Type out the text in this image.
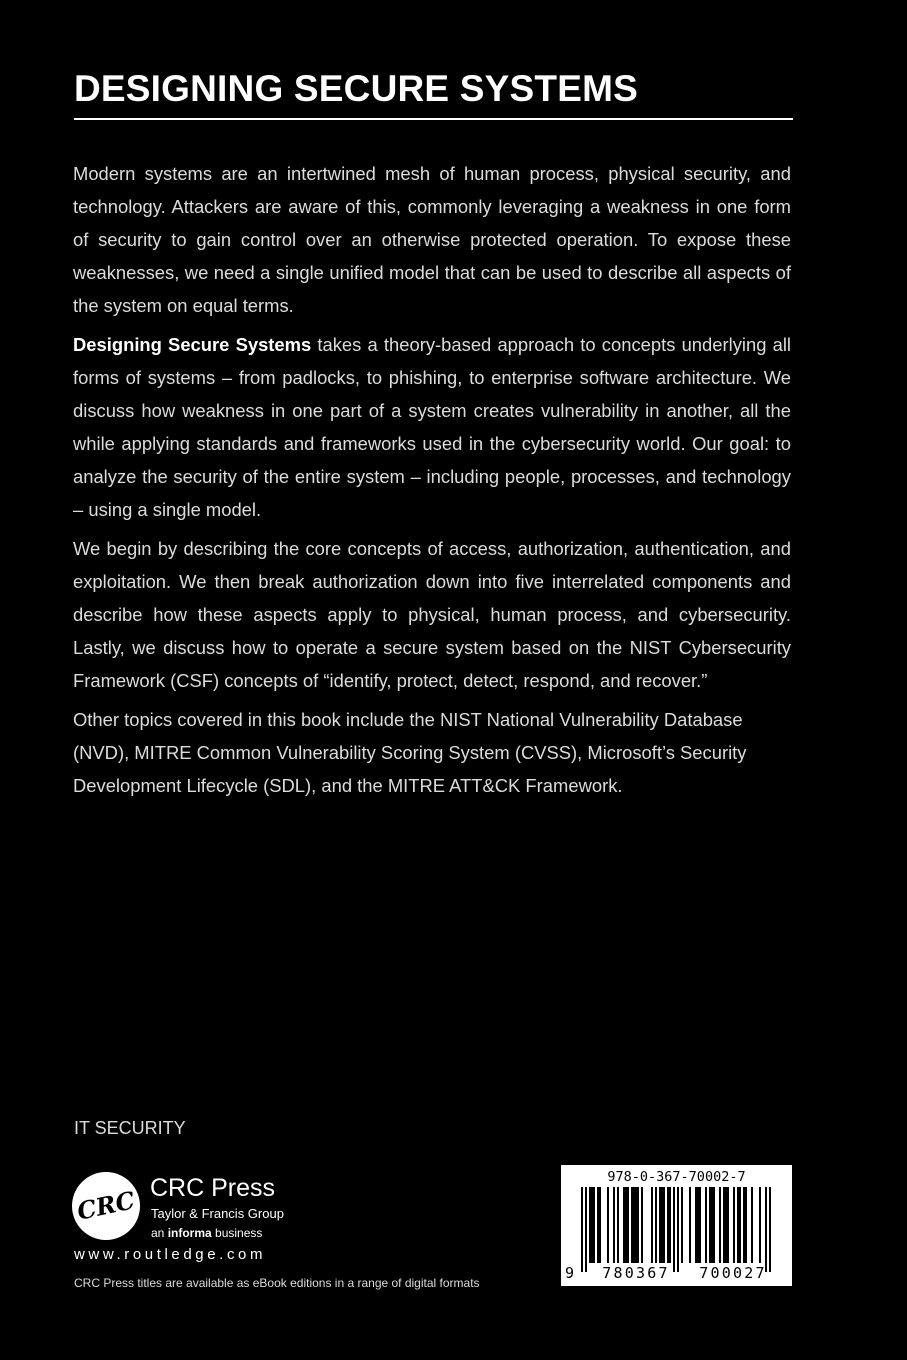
DESIGNING SECURE SYSTEMS

Modern systems are an intertwined mesh of human process, physical security, and technology. Attackers are aware of this, commonly leveraging a weakness in one form of security to gain control over an otherwise protected operation. To expose these weaknesses, we need a single unified model that can be used to describe all aspects of the system on equal terms.

Designing Secure Systems takes a theory-based approach to concepts underlying all forms of systems – from padlocks, to phishing, to enterprise software architecture. We discuss how weakness in one part of a system creates vulnerability in another, all the while applying standards and frameworks used in the cybersecurity world. Our goal: to analyze the security of the entire system – including people, processes, and technology – using a single model.

We begin by describing the core concepts of access, authorization, authentication, and exploitation. We then break authorization down into five interrelated components and describe how these aspects apply to physical, human process, and cybersecurity. Lastly, we discuss how to operate a secure system based on the NIST Cybersecurity Framework (CSF) concepts of “identify, protect, detect, respond, and recover.”

Other topics covered in this book include the NIST National Vulnerability Database (NVD), MITRE Common Vulnerability Scoring System (CVSS), Microsoft’s Security Development Lifecycle (SDL), and the MITRE ATT&CK Framework.

IT SECURITY
CRC CRC Press
Taylor & Francis Group
an informa business
www.routledge.com
CRC Press titles are available as eBook editions in a range of digital formats
978-0-367-70002-7
9	780367	700027
